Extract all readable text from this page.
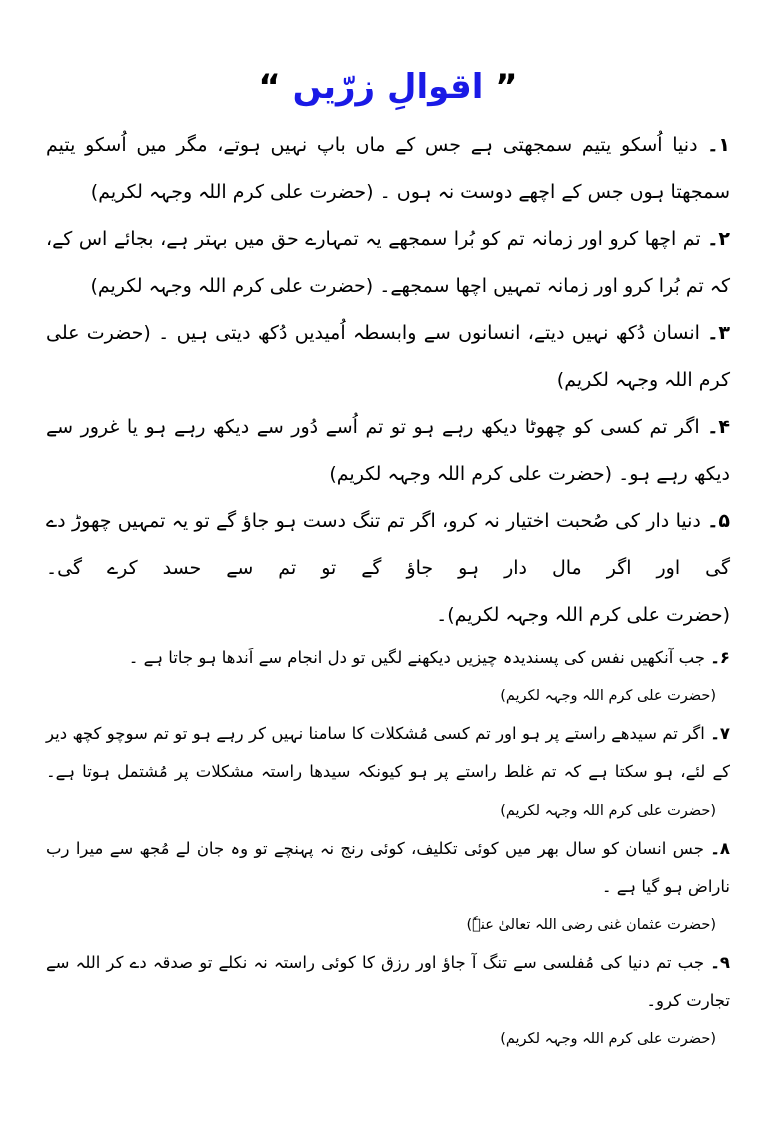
” اقوالِ زرّیں “

۱۔ دنیا اُسکو یتیم سمجھتی ہے جس کے ماں باپ نہیں ہوتے، مگر میں اُسکو یتیم سمجھتا ہوں جس کے اچھے دوست نہ ہوں ۔ (حضرت علی کرم اللہ وجہہ لکریم)

۲۔ تم اچھا کرو اور زمانہ تم کو بُرا سمجھے یہ تمہارے حق میں بہتر ہے، بجائے اس کے، کہ تم بُرا کرو اور زمانہ تمہیں اچھا سمجھے۔ (حضرت علی کرم اللہ وجہہ لکریم)

۳۔ انسان دُکھ نہیں دیتے، انسانوں سے وابسطہ اُمیدیں دُکھ دیتی ہیں ۔ (حضرت علی کرم اللہ وجہہ لکریم)

۴۔ اگر تم کسی کو چھوٹا دیکھ رہے ہو تو تم اُسے دُور سے دیکھ رہے ہو یا غرور سے دیکھ رہے ہو۔ (حضرت علی کرم اللہ وجہہ لکریم)

۵۔ دنیا دار کی صُحبت اختیار نہ کرو، اگر تم تنگ دست ہو جاؤ گے تو یہ تمہیں چھوڑ دے گی اور اگر مال دار ہو جاؤ گے تو تم سے حسد کرے گی۔ (حضرت علی کرم اللہ وجہہ لکریم)۔

۶۔ جب آنکھیں نفس کی پسندیدہ چیزیں دیکھنے لگیں تو دل انجام سے اَندھا ہو جاتا ہے ۔

(حضرت علی کرم اللہ وجہہ لکریم)

۷۔ اگر تم سیدھے راستے پر ہو اور تم کسی مُشکلات کا سامنا نہیں کر رہے ہو تو تم سوچو کچھ دیر کے لئے، ہو سکتا ہے کہ تم غلط راستے پر ہو کیونکہ سیدھا راستہ مشکلات پر مُشتمل ہوتا ہے۔ (حضرت علی کرم اللہ وجہہ لکریم)

۸۔ جس انسان کو سال بھر میں کوئی تکلیف، کوئی رنج نہ پہنچے تو وہ جان لے مُجھ سے میرا رب ناراض ہو گیا ہے ۔

(حضرت عثمان غنی رضی اللہ تعالیٰ عنہٗ)

۹۔ جب تم دنیا کی مُفلسی سے تنگ آ جاؤ اور رزق کا کوئی راستہ نہ نکلے تو صدقہ دے کر اللہ سے تجارت کرو۔

(حضرت علی کرم اللہ وجہہ لکریم)
